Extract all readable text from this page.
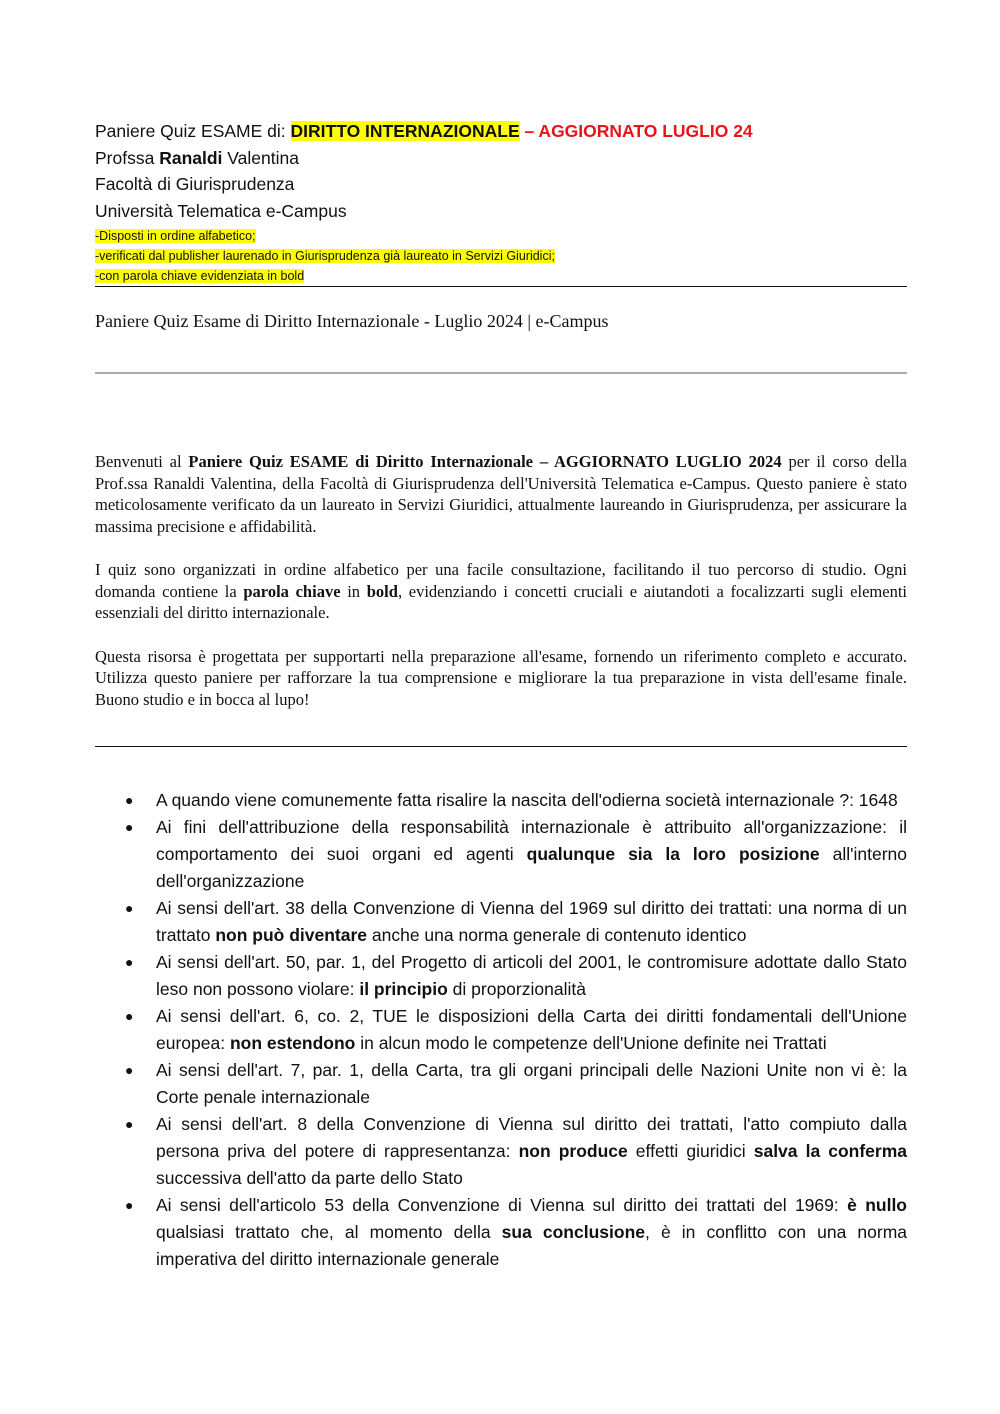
Paniere Quiz ESAME di: DIRITTO INTERNAZIONALE – AGGIORNATO LUGLIO 24
Profssa Ranaldi Valentina
Facoltà di Giurisprudenza
Università Telematica e-Campus
-Disposti in ordine alfabetico;
-verificati dal publisher laurenado in Giurisprudenza già laureato in Servizi Giuridici;
-con parola chiave evidenziata in bold
Paniere Quiz Esame di Diritto Internazionale - Luglio 2024 | e-Campus

Benvenuti al Paniere Quiz ESAME di Diritto Internazionale – AGGIORNATO LUGLIO 2024 per il corso della Prof.ssa Ranaldi Valentina, della Facoltà di Giurisprudenza dell'Università Telematica e-Campus. Questo paniere è stato meticolosamente verificato da un laureato in Servizi Giuridici, attualmente laureando in Giurisprudenza, per assicurare la massima precisione e affidabilità.

I quiz sono organizzati in ordine alfabetico per una facile consultazione, facilitando il tuo percorso di studio. Ogni domanda contiene la parola chiave in bold, evidenziando i concetti cruciali e aiutandoti a focalizzarti sugli elementi essenziali del diritto internazionale.

Questa risorsa è progettata per supportarti nella preparazione all'esame, fornendo un riferimento completo e accurato. Utilizza questo paniere per rafforzare la tua comprensione e migliorare la tua preparazione in vista dell'esame finale. Buono studio e in bocca al lupo!

● A quando viene comunemente fatta risalire la nascita dell'odierna società internazionale ?: 1648
● Ai fini dell'attribuzione della responsabilità internazionale è attribuito all'organizzazione: il comportamento dei suoi organi ed agenti qualunque sia la loro posizione all'interno dell'organizzazione
● Ai sensi dell'art. 38 della Convenzione di Vienna del 1969 sul diritto dei trattati: una norma di un trattato non può diventare anche una norma generale di contenuto identico
● Ai sensi dell'art. 50, par. 1, del Progetto di articoli del 2001, le contromisure adottate dallo Stato leso non possono violare: il principio di proporzionalità
● Ai sensi dell'art. 6, co. 2, TUE le disposizioni della Carta dei diritti fondamentali dell'Unione europea: non estendono in alcun modo le competenze dell'Unione definite nei Trattati
● Ai sensi dell'art. 7, par. 1, della Carta, tra gli organi principali delle Nazioni Unite non vi è: la Corte penale internazionale
● Ai sensi dell'art. 8 della Convenzione di Vienna sul diritto dei trattati, l'atto compiuto dalla persona priva del potere di rappresentanza: non produce effetti giuridici salva la conferma successiva dell'atto da parte dello Stato
● Ai sensi dell'articolo 53 della Convenzione di Vienna sul diritto dei trattati del 1969: è nullo qualsiasi trattato che, al momento della sua conclusione, è in conflitto con una norma imperativa del diritto internazionale generale
